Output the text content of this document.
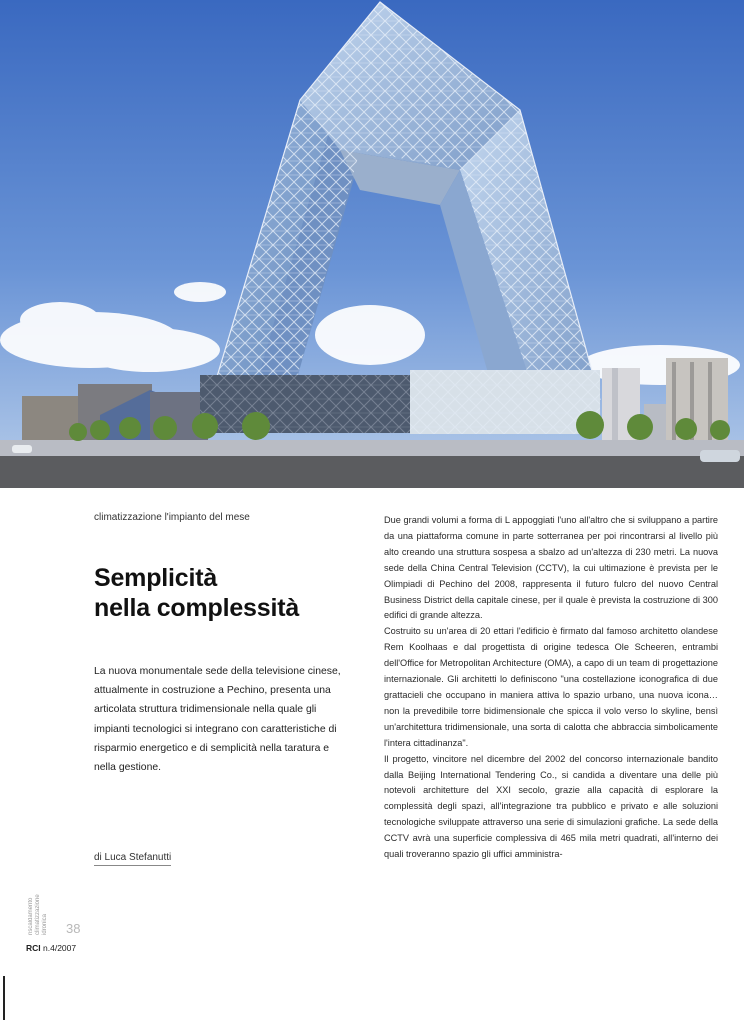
climatizzazione l'impianto del mese
Semplicità
nella complessità
La nuova monumentale sede della televisione cinese, attualmente in costruzione a Pechino, presenta una articolata struttura tridimensionale nella quale gli impianti tecnologici si integrano con caratteristiche di risparmio energetico e di semplicità nella taratura e nella gestione.
di Luca Stefanutti

Due grandi volumi a forma di L appoggiati l'uno all'altro che si sviluppano a partire da una piattaforma comune in parte sotterranea per poi rincontrarsi al livello più alto creando una struttura sospesa a sbalzo ad un'altezza di 230 metri. La nuova sede della China Central Television (CCTV), la cui ultimazione è prevista per le Olimpiadi di Pechino del 2008, rappresenta il futuro fulcro del nuovo Central Business District della capitale cinese, per il quale è prevista la costruzione di 300 edifici di grande altezza.

Costruito su un'area di 20 ettari l'edificio è firmato dal famoso architetto olandese Rem Koolhaas e dal progettista di origine tedesca Ole Scheeren, entrambi dell'Office for Metropolitan Architecture (OMA), a capo di un team di progettazione internazionale. Gli architetti lo definiscono "una costellazione iconografica di due grattacieli che occupano in maniera attiva lo spazio urbano, una nuova icona…non la prevedibile torre bidimensionale che spicca il volo verso lo skyline, bensì un'architettura tridimensionale, una sorta di calotta che abbraccia simbolicamente l'intera cittadinanza".

Il progetto, vincitore nel dicembre del 2002 del concorso internazionale bandito dalla Beijing International Tendering Co., si candida a diventare una delle più notevoli architetture del XXI secolo, grazie alla capacità di esplorare la complessità degli spazi, all'integrazione tra pubblico e privato e alle soluzioni tecnologiche sviluppate attraverso una serie di simulazioni grafiche. La sede della CCTV avrà una superficie complessiva di 465 mila metri quadrati, all'interno dei quali troveranno spazio gli uffici amministra-

riscaldamento climatizzazione idronica	38
RCI n.4/2007
